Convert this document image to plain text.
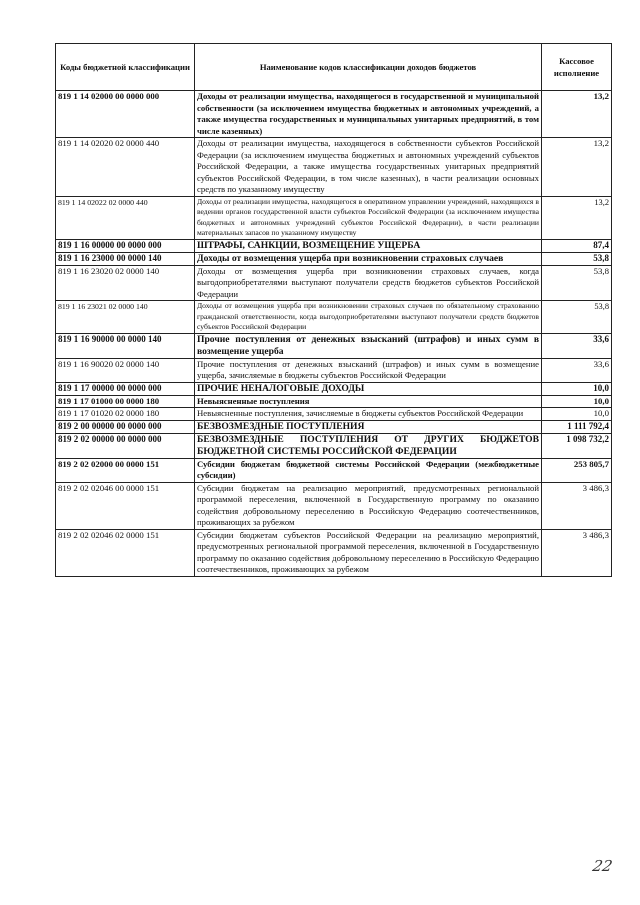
Коды бюджетной классификации	Наименование кодов классификации доходов бюджетов	Кассовое исполнение
819 1 14 02000 00 0000 000	Доходы от реализации имущества, находящегося в государственной и муниципальной собственности (за исключением имущества бюджетных и автономных учреждений, а также имущества государственных и муниципальных унитарных предприятий, в том числе казенных)	13,2
819 1 14 02020 02 0000 440	Доходы от реализации имущества, находящегося в собственности субъектов Российской Федерации (за исключением имущества бюджетных и автономных учреждений субъектов Российской Федерации, а также имущества государственных унитарных предприятий субъектов Российской Федерации, в том числе казенных), в части реализации основных средств по указанному имуществу	13,2
819 1 14 02022 02 0000 440	Доходы от реализации имущества, находящегося в оперативном управлении учреждений, находящихся в ведении органов государственной власти субъектов Российской Федерации (за исключением имущества бюджетных и автономных учреждений субъектов Российской Федерации), в части реализации материальных запасов по указанному имуществу	13,2
819 1 16 00000 00 0000 000	ШТРАФЫ, САНКЦИИ, ВОЗМЕЩЕНИЕ УЩЕРБА	87,4
819 1 16 23000 00 0000 140	Доходы от возмещения ущерба при возникновении страховых случаев	53,8
819 1 16 23020 02 0000 140	Доходы от возмещения ущерба при возникновении страховых случаев, когда выгодоприобретателями выступают получатели средств бюджетов субъектов Российской Федерации	53,8
819 1 16 23021 02 0000 140	Доходы от возмещения ущерба при возникновении страховых случаев по обязательному страхованию гражданской ответственности, когда выгодоприобретателями выступают получатели средств бюджетов субъектов Российской Федерации	53,8
819 1 16 90000 00 0000 140	Прочие поступления от денежных взысканий (штрафов) и иных сумм в возмещение ущерба	33,6
819 1 16 90020 02 0000 140	Прочие поступления от денежных взысканий (штрафов) и иных сумм в возмещение ущерба, зачисляемые в бюджеты субъектов Российской Федерации	33,6
819 1 17 00000 00 0000 000	ПРОЧИЕ НЕНАЛОГОВЫЕ ДОХОДЫ	10,0
819 1 17 01000 00 0000 180	Невыясненные поступления	10,0
819 1 17 01020 02 0000 180	Невыясненные поступления, зачисляемые в бюджеты субъектов Российской Федерации	10,0
819 2 00 00000 00 0000 000	БЕЗВОЗМЕЗДНЫЕ ПОСТУПЛЕНИЯ	1 111 792,4
819 2 02 00000 00 0000 000	БЕЗВОЗМЕЗДНЫЕ ПОСТУПЛЕНИЯ ОТ ДРУГИХ БЮДЖЕТОВ БЮДЖЕТНОЙ СИСТЕМЫ РОССИЙСКОЙ ФЕДЕРАЦИИ	1 098 732,2
819 2 02 02000 00 0000 151	Субсидии бюджетам бюджетной системы Российской Федерации (межбюджетные субсидии)	253 805,7
819 2 02 02046 00 0000 151	Субсидии бюджетам на реализацию мероприятий, предусмотренных региональной программой переселения, включенной в Государственную программу по оказанию содействия добровольному переселению в Российскую Федерацию соотечественников, проживающих за рубежом	3 486,3
819 2 02 02046 02 0000 151	Субсидии бюджетам субъектов Российской Федерации на реализацию мероприятий, предусмотренных региональной программой переселения, включенной в Государственную программу по оказанию содействия добровольному переселению в Российскую Федерацию соотечественников, проживающих за рубежом	3 486,3
22
